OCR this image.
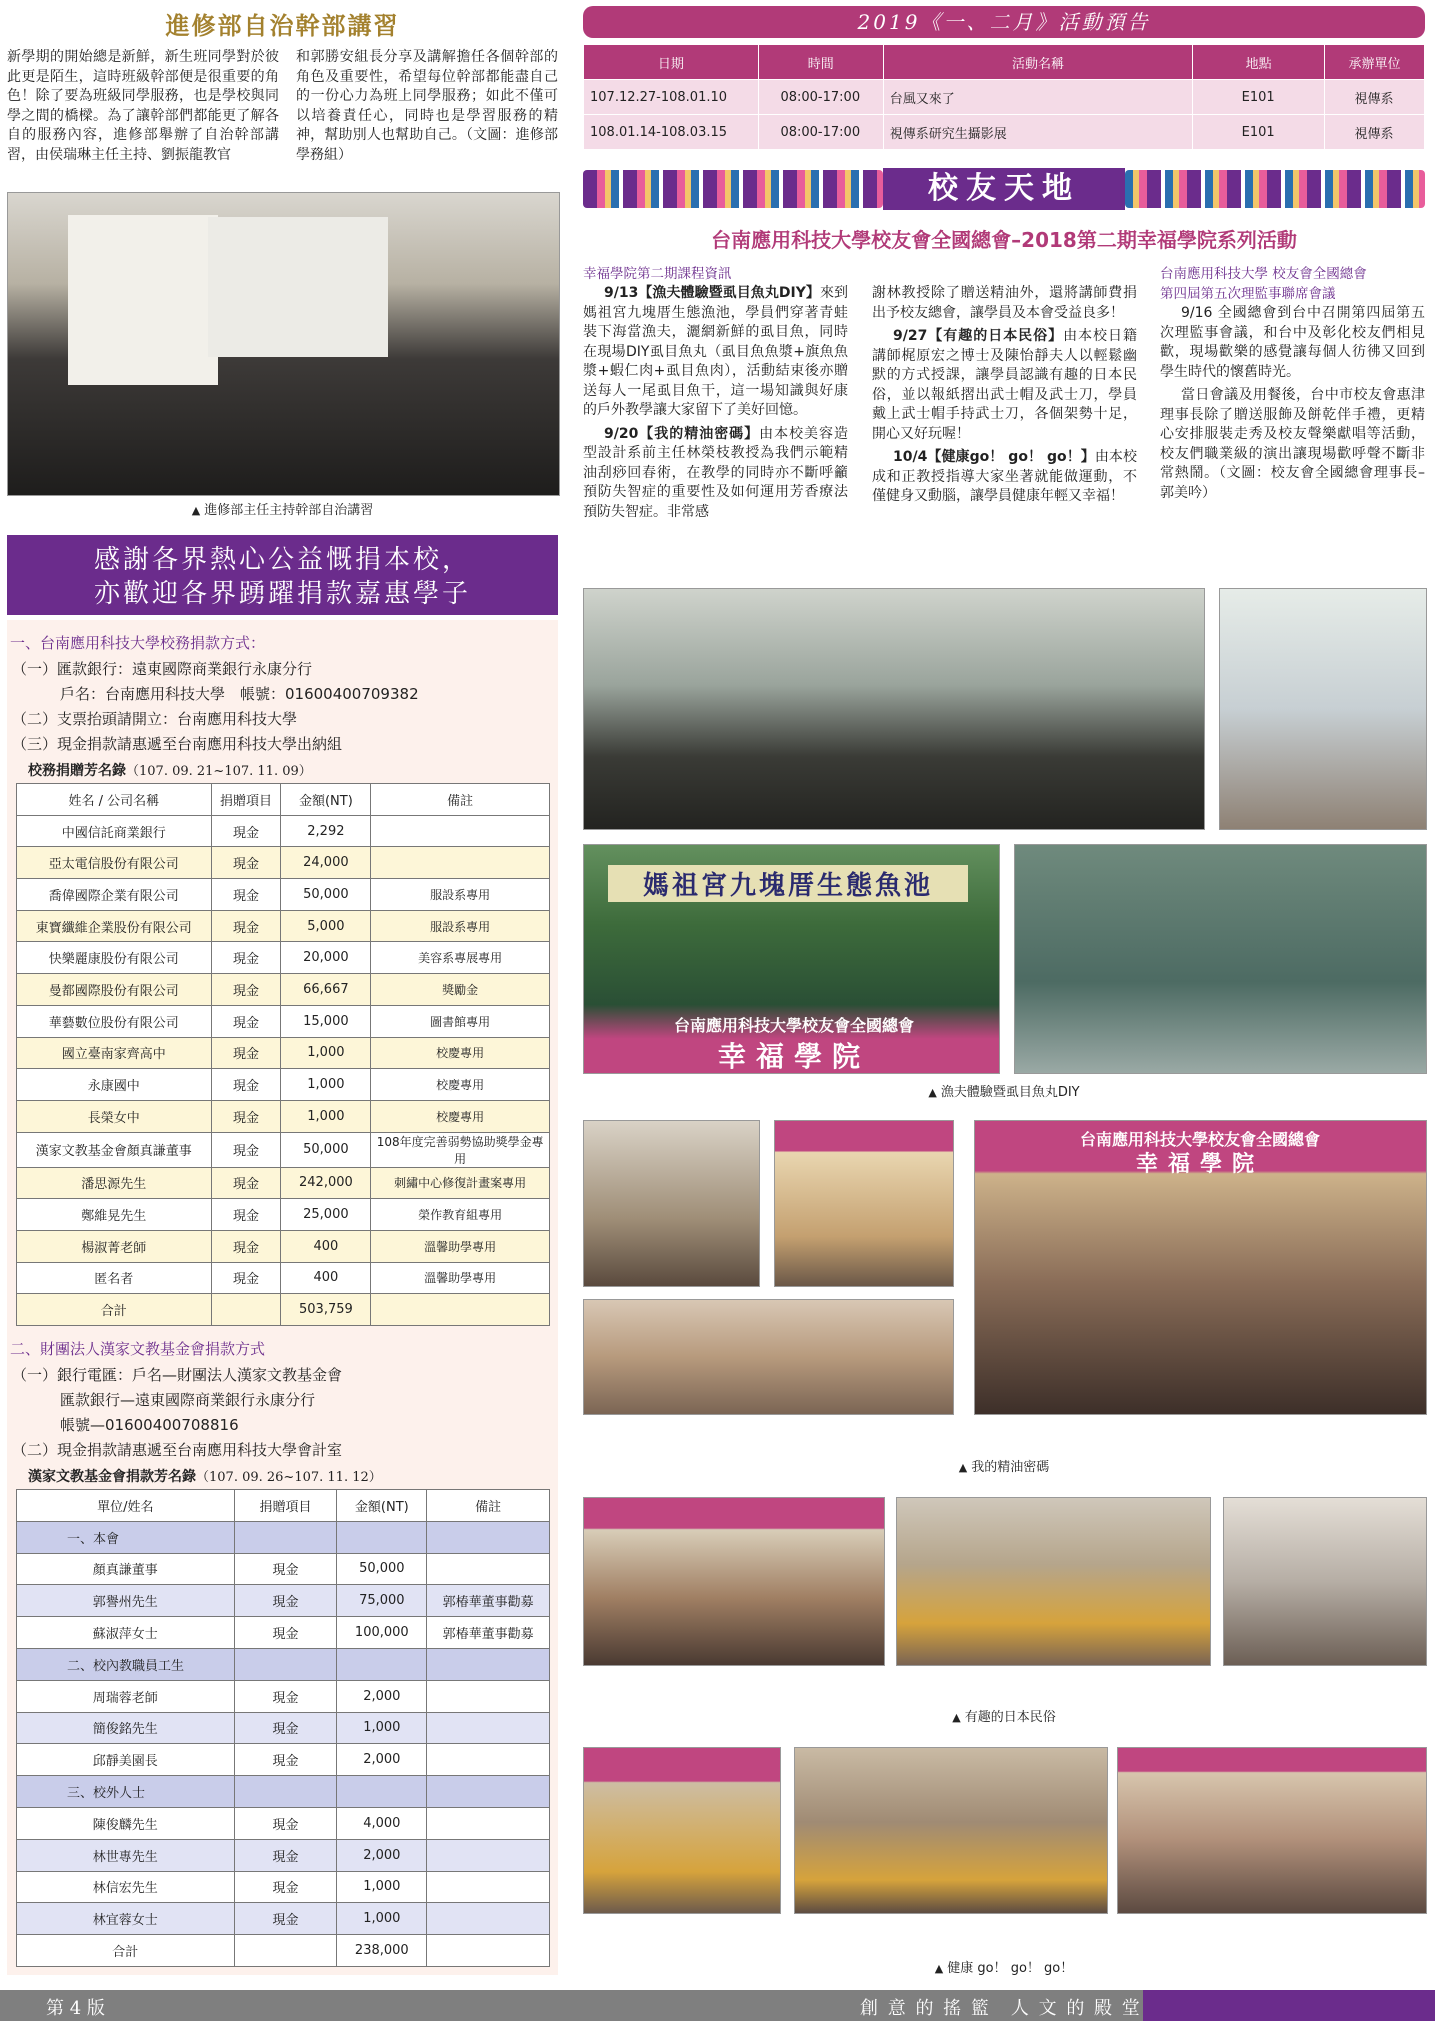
進修部自治幹部講習

新學期的開始總是新鮮，新生班同學對於彼此更是陌生，這時班級幹部便是很重要的角色！除了要為班級同學服務，也是學校與同學之間的橋樑。為了讓幹部們都能更了解各自的服務內容，進修部舉辦了自治幹部講習，由侯瑞琳主任主持、劉振龍教官

和郭勝安組長分享及講解擔任各個幹部的角色及重要性，希望每位幹部都能盡自己的一份心力為班上同學服務；如此不僅可以培養責任心，同時也是學習服務的精神，幫助別人也幫助自己。（文圖：進修部學務組）

▲ 進修部主任主持幹部自治講習
感謝各界熱心公益慨捐本校，
亦歡迎各界踴躍捐款嘉惠學子
一、台南應用科技大學校務捐款方式：
（一）匯款銀行：遠東國際商業銀行永康分行
戶名：台南應用科技大學　帳號：01600400709382
（二）支票抬頭請開立：台南應用科技大學
（三）現金捐款請惠遞至台南應用科技大學出納組
校務捐贈芳名錄（107. 09. 21~107. 11. 09）
姓名 / 公司名稱	捐贈項目	金額(NT)	備註
中國信託商業銀行	現金	2,292	
亞太電信股份有限公司	現金	24,000	
喬偉國際企業有限公司	現金	50,000	服設系專用
東寶纖維企業股份有限公司	現金	5,000	服設系專用
快樂麗康股份有限公司	現金	20,000	美容系專展專用
曼都國際股份有限公司	現金	66,667	獎勵金
華藝數位股份有限公司	現金	15,000	圖書館專用
國立臺南家齊高中	現金	1,000	校慶專用
永康國中	現金	1,000	校慶專用
長榮女中	現金	1,000	校慶專用
漢家文教基金會顏真謙董事	現金	50,000	108年度完善弱勢協助獎學金專用
潘思源先生	現金	242,000	刺繡中心修復計畫案專用
鄭維晃先生	現金	25,000	榮作教育組專用
楊淑菁老師	現金	400	溫馨助學專用
匿名者	現金	400	溫馨助學專用
合計		503,759	
二、財團法人漢家文教基金會捐款方式
（一）銀行電匯：戶名—財團法人漢家文教基金會
匯款銀行—遠東國際商業銀行永康分行
帳號—01600400708816
（二）現金捐款請惠遞至台南應用科技大學會計室
漢家文教基金會捐款芳名錄（107. 09. 26~107. 11. 12）
單位/姓名	捐贈項目	金額(NT)	備註
一、本會			
顏真謙董事	現金	50,000	
郭譽州先生	現金	75,000	郭椿華董事勸募
蘇淑萍女士	現金	100,000	郭椿華董事勸募
二、校內教職員工生			
周瑞蓉老師	現金	2,000	
簡俊銘先生	現金	1,000	
邱靜美園長	現金	2,000	
三、校外人士			
陳俊麟先生	現金	4,000	
林世專先生	現金	2,000	
林信宏先生	現金	1,000	
林宜蓉女士	現金	1,000	
合計		238,000	
2019《一、二月》活動預告
日期	時間	活動名稱	地點	承辦單位
107.12.27-108.01.10	08:00-17:00	台風又來了	E101	視傳系
108.01.14-108.03.15	08:00-17:00	視傳系研究生攝影展	E101	視傳系
校友天地
台南應用科技大學校友會全國總會–2018第二期幸福學院系列活動
幸福學院第二期課程資訊

9/13【漁夫體驗暨虱目魚丸DIY】來到媽祖宮九塊厝生態漁池，學員們穿著青蛙裝下海當漁夫，灑網新鮮的虱目魚，同時在現場DIY虱目魚丸（虱目魚魚漿+旗魚魚漿+蝦仁肉+虱目魚肉），活動結束後亦贈送每人一尾虱目魚干，這一場知識與好康的戶外教學讓大家留下了美好回憶。

9/20【我的精油密碼】由本校美容造型設計系前主任林榮枝教授為我們示範精油刮痧回春術，在教學的同時亦不斷呼籲預防失智症的重要性及如何運用芳香療法預防失智症。非常感

謝林教授除了贈送精油外，還將講師費捐出予校友總會，讓學員及本會受益良多！

9/27【有趣的日本民俗】由本校日籍講師梶原宏之博士及陳怡靜夫人以輕鬆幽默的方式授課，讓學員認識有趣的日本民俗，並以報紙摺出武士帽及武士刀，學員戴上武士帽手持武士刀，各個架勢十足，開心又好玩喔！

10/4【健康go！ go！ go！】由本校成和正教授指導大家坐著就能做運動，不僅健身又動腦，讓學員健康年輕又幸福！

台南應用科技大學 校友會全國總會
第四屆第五次理監事聯席會議

9/16 全國總會到台中召開第四屆第五次理監事會議，和台中及彰化校友們相見歡，現場歡樂的感覺讓每個人彷彿又回到學生時代的懷舊時光。

當日會議及用餐後，台中市校友會惠津理事長除了贈送服飾及餅乾伴手禮，更精心安排服裝走秀及校友聲樂獻唱等活動，校友們職業級的演出讓現場歡呼聲不斷非常熱鬧。（文圖：校友會全國總會理事長–郭美吟）

媽祖宮九塊厝生態魚池
台南應用科技大學校友會全國總會
幸福學院
▲ 漁夫體驗暨虱目魚丸DIY
台南應用科技大學校友會全國總會
幸福學院
▲ 我的精油密碼
▲ 有趣的日本民俗
▲ 健康 go！ go！ go！
第 4 版	創 意 的 搖 籃　人 文 的 殿 堂
